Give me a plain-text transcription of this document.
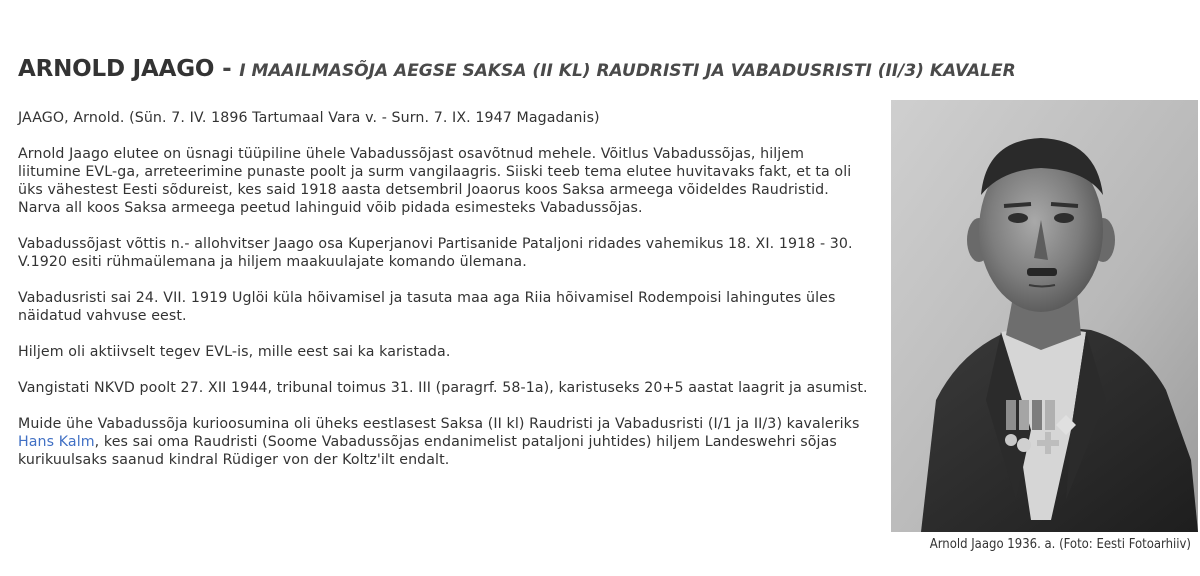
ARNOLD JAAGO - I MAAILMASÕJA AEGSE SAKSA (II KL) RAUDRISTI JA VABADUSRISTI (II/3) KAVALER

JAAGO, Arnold. (Sün. 7. IV. 1896 Tartumaal Vara v. - Surn. 7. IX. 1947 Magadanis)

Arnold Jaago elutee on üsnagi tüüpiline ühele Vabadussõjast osavõtnud mehele. Võitlus Vabadussõjas, hiljem liitumine EVL-ga, arreteerimine punaste poolt ja surm vangilaagris. Siiski teeb tema elutee huvitavaks fakt, et ta oli üks vähestest Eesti sõdureist, kes said 1918 aasta detsembril Joaorus koos Saksa armeega võideldes Raudristid. Narva all koos Saksa armeega peetud lahinguid võib pidada esimesteks Vabadussõjas.

Vabadussõjast võttis n.- allohvitser Jaago osa Kuperjanovi Partisanide Pataljoni ridades vahemikus 18. XI. 1918 - 30. V.1920 esiti rühmaülemana ja hiljem maakuulajate komando ülemana.

Vabadusristi sai 24. VII. 1919 Uglöi küla hõivamisel ja tasuta maa aga Riia hõivamisel Rodempoisi lahingutes üles näidatud vahvuse eest.

Hiljem oli aktiivselt tegev EVL-is, mille eest sai ka karistada.

Vangistati NKVD poolt 27. XII 1944, tribunal toimus 31. III (paragrf. 58-1a), karistuseks 20+5 aastat laagrit ja asumist.

Muide ühe Vabadussõja kurioosumina oli üheks eestlasest Saksa (II kl) Raudristi ja Vabadusristi (I/1 ja II/3) kavaleriks Hans Kalm, kes sai oma Raudristi (Soome Vabadussõjas endanimelist pataljoni juhtides) hiljem Landeswehri sõjas kurikuulsaks saanud kindral Rüdiger von der Koltz'ilt endalt.

Arnold Jaago 1936. a. (Foto: Eesti Fotoarhiiv)
